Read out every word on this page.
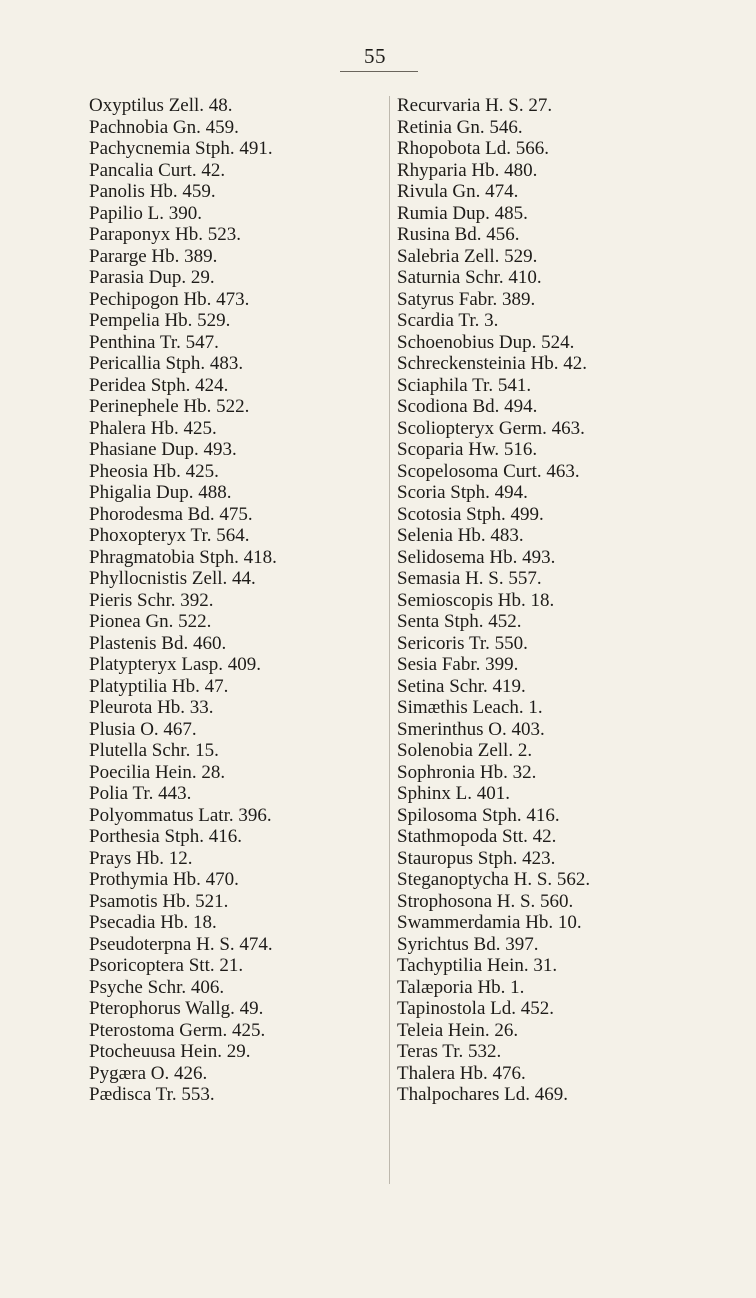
55
Oxyptilus Zell. 48.
Pachnobia Gn. 459.
Pachycnemia Stph. 491.
Pancalia Curt. 42.
Panolis Hb. 459.
Papilio L. 390.
Paraponyx Hb. 523.
Pararge Hb. 389.
Parasia Dup. 29.
Pechipogon Hb. 473.
Pempelia Hb. 529.
Penthina Tr. 547.
Pericallia Stph. 483.
Peridea Stph. 424.
Perinephele Hb. 522.
Phalera Hb. 425.
Phasiane Dup. 493.
Pheosia Hb. 425.
Phigalia Dup. 488.
Phorodesma Bd. 475.
Phoxopteryx Tr. 564.
Phragmatobia Stph. 418.
Phyllocnistis Zell. 44.
Pieris Schr. 392.
Pionea Gn. 522.
Plastenis Bd. 460.
Platypteryx Lasp. 409.
Platyptilia Hb. 47.
Pleurota Hb. 33.
Plusia O. 467.
Plutella Schr. 15.
Poecilia Hein. 28.
Polia Tr. 443.
Polyommatus Latr. 396.
Porthesia Stph. 416.
Prays Hb. 12.
Prothymia Hb. 470.
Psamotis Hb. 521.
Psecadia Hb. 18.
Pseudoterpna H. S. 474.
Psoricoptera Stt. 21.
Psyche Schr. 406.
Pterophorus Wallg. 49.
Pterostoma Germ. 425.
Ptocheuusa Hein. 29.
Pygæra O. 426.
Pædisca Tr. 553.
Recurvaria H. S. 27.
Retinia Gn. 546.
Rhopobota Ld. 566.
Rhyparia Hb. 480.
Rivula Gn. 474.
Rumia Dup. 485.
Rusina Bd. 456.
Salebria Zell. 529.
Saturnia Schr. 410.
Satyrus Fabr. 389.
Scardia Tr. 3.
Schoenobius Dup. 524.
Schreckensteinia Hb. 42.
Sciaphila Tr. 541.
Scodiona Bd. 494.
Scoliopteryx Germ. 463.
Scoparia Hw. 516.
Scopelosoma Curt. 463.
Scoria Stph. 494.
Scotosia Stph. 499.
Selenia Hb. 483.
Selidosema Hb. 493.
Semasia H. S. 557.
Semioscopis Hb. 18.
Senta Stph. 452.
Sericoris Tr. 550.
Sesia Fabr. 399.
Setina Schr. 419.
Simæthis Leach. 1.
Smerinthus O. 403.
Solenobia Zell. 2.
Sophronia Hb. 32.
Sphinx L. 401.
Spilosoma Stph. 416.
Stathmopoda Stt. 42.
Stauropus Stph. 423.
Steganoptycha H. S. 562.
Strophosona H. S. 560.
Swammerdamia Hb. 10.
Syrichtus Bd. 397.
Tachyptilia Hein. 31.
Talæporia Hb. 1.
Tapinostola Ld. 452.
Teleia Hein. 26.
Teras Tr. 532.
Thalera Hb. 476.
Thalpochares Ld. 469.
